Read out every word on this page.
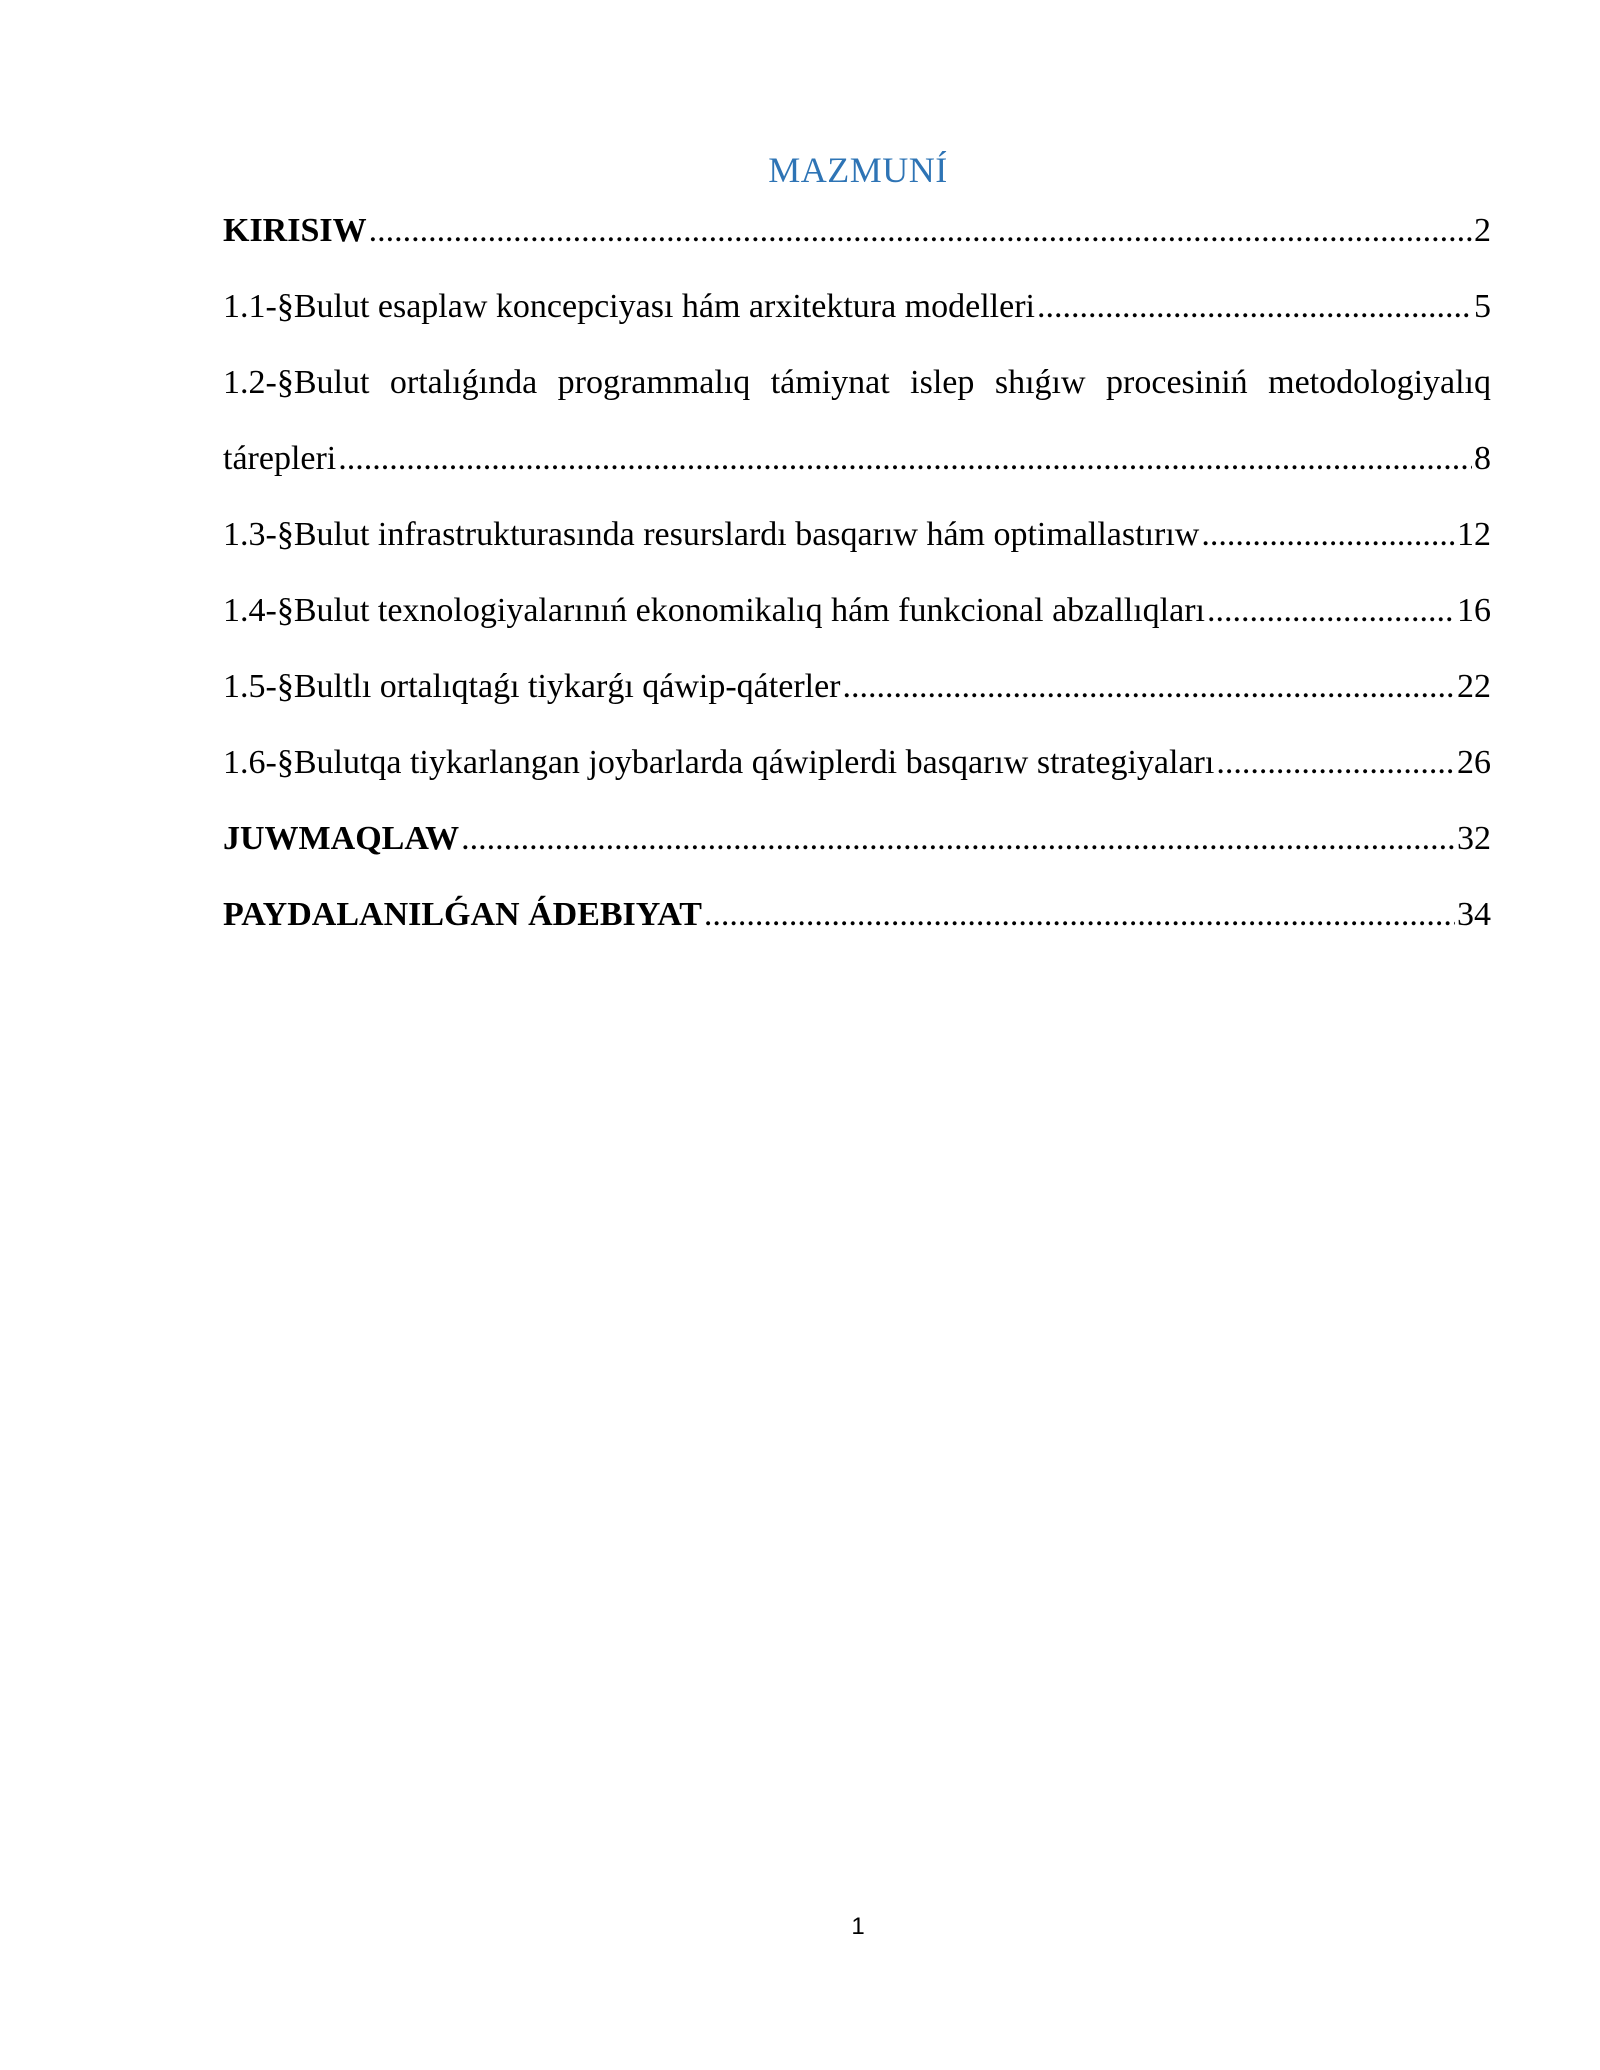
MAZMUNÍ
KIRISIW .....	2
1.1-§Bulut esaplaw koncepciyası hám arxitektura modelleri .....	5
1.2-§Bulut ortalıǵında programmalıq támiynat islep shıǵıw procesiniń metodologiyalıq
tárepleri .....	8
1.3-§Bulut infrastrukturasında resurslardı basqarıw hám optimallastırıw .....	12
1.4-§Bulut texnologiyalarınıń ekonomikalıq hám funkcional abzallıqları .....	16
1.5-§Bultlı ortalıqtaǵı tiykarǵı qáwip-qáterler .....	22
1.6-§Bulutqa tiykarlangan joybarlarda qáwiplerdi basqarıw strategiyaları .....	26
JUWMAQLAW .....	32
PAYDALANILǴAN ÁDEBIYAT .....	34
1
